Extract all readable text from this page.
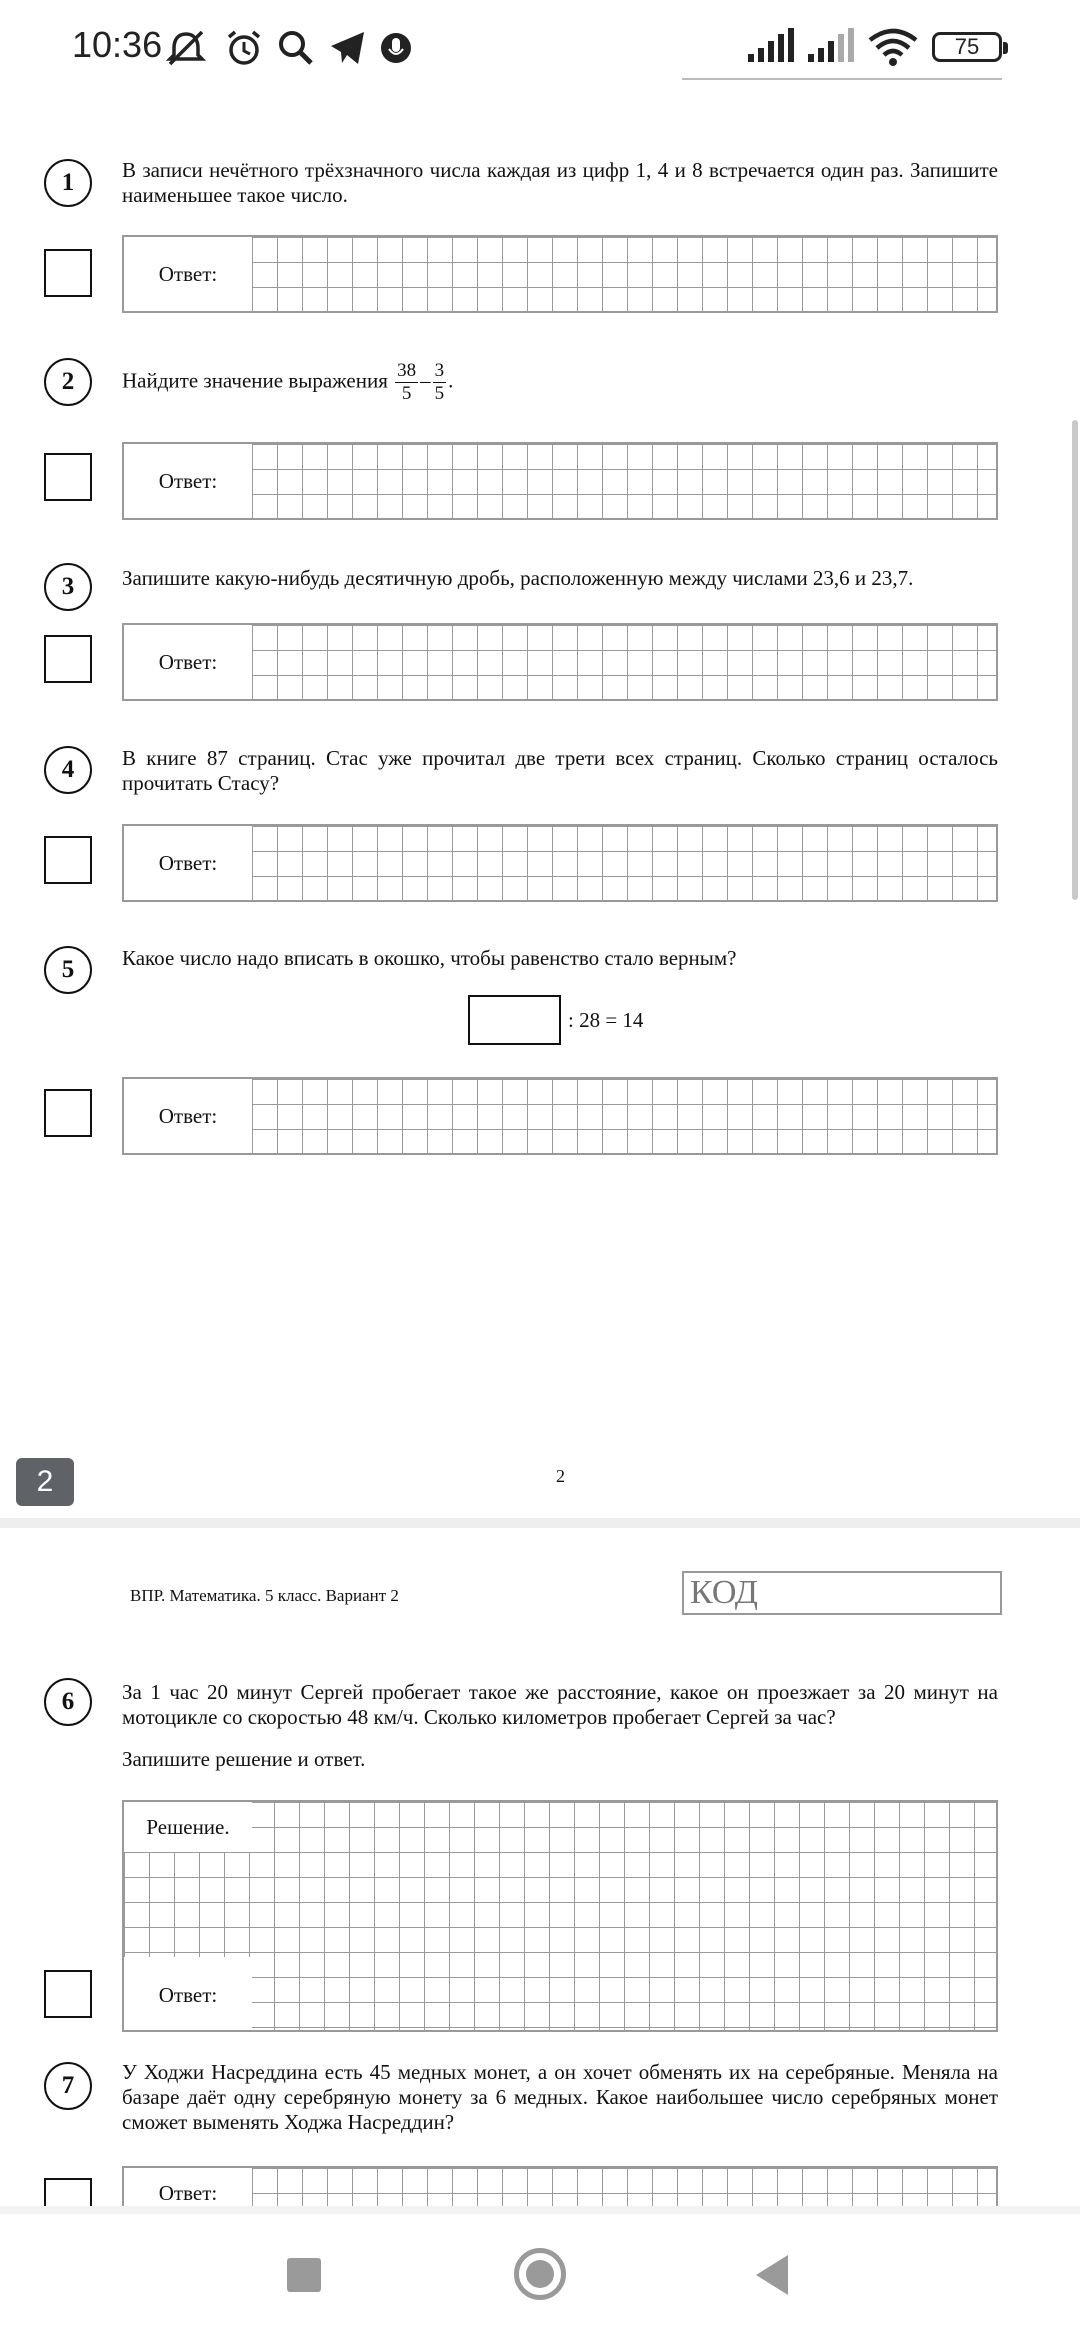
10:36	75
1	В записи нечётного трёхзначного числа каждая из цифр 1, 4 и 8 встречается один раз. Запишите наименьшее такое число.
Ответ:
2	Найдите значение выражения $\frac{38}{5} - \frac{3}{5}$ .
Ответ:
3	Запишите какую-нибудь десятичную дробь, расположенную между числами 23,6 и 23,7.
Ответ:
4	В книге 87 страниц. Стас уже прочитал две трети всех страниц. Сколько страниц осталось прочитать Стасу?
Ответ:
5	Какое число надо вписать в окошко, чтобы равенство стало верным?
: 28 = 14
Ответ:
2	2
ВПР. Математика. 5 класс. Вариант 2	КОД
6	За 1 час 20 минут Сергей пробегает такое же расстояние, какое он проезжает за 20 минут на мотоцикле со скоростью 48 км/ч. Сколько километров пробегает Сергей за час?
Запишите решение и ответ.
Решение.
Ответ:
7	У Ходжи Насреддина есть 45 медных монет, а он хочет обменять их на серебряные. Меняла на базаре даёт одну серебряную монету за 6 медных. Какое наибольшее число серебряных монет сможет выменять Ходжа Насреддин?
Ответ:
